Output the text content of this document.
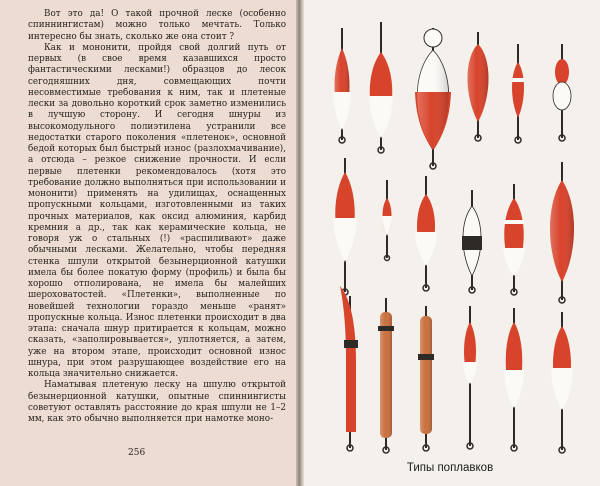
Вот это да! О такой прочной леске (особенно спиннингистам) можно только мечтать. Только интересно бы знать, сколько же она стоит ?

Как и мононити, пройдя свой долгий путь от первых (в свое время казавшихся просто фантастическими лесками!) образцов до лесок сегодняшних дня, совмещающих почти несовместимые требования к ним, так и плетеные лески за довольно короткий срок заметно изменились в лучшую сторону. И сегодня шнуры из высокомодульного полиэтилена устранили все недостатки старого поколения «плетенок», основной бедой которых был быстрый износ (разлохмачивание), а отсюда – резкое снижение прочности. И если первые плетенки рекомендовалось (хотя это требование должно выполняться при использовании и мононити) применять на удилищах, оснащенных пропускными кольцами, изготовленными из таких прочных материалов, как оксид алюминия, карбид кремния а др., так как керамические кольца, не говоря уж о стальных (!) «распиливают» даже обычными лесками. Желательно, чтобы передняя стенка шпули открытой безынерционной катушки имела бы более покатую форму (профиль) и была бы хорошо отполирована, не имела бы малейших шероховатостей. «Плетенки», выполненные по новейшей технологии гораздо меньше «ранят» пропускные кольца. Износ плетенки происходит в два этапа: сначала шнур притирается к кольцам, можно сказать, «заполировывается», уплотняется, а затем, уже на втором этапе, происходит основной износ шнура, при этом разрушающее воздействие его на кольца значительно снижается.

Наматывая плетеную леску на шпулю открытой безынерционной катушки, опытные спиннингисты советуют оставлять расстояние до края шпули не 1–2 мм, как это обычно выполняется при намотке моно-

256
Типы поплавков
